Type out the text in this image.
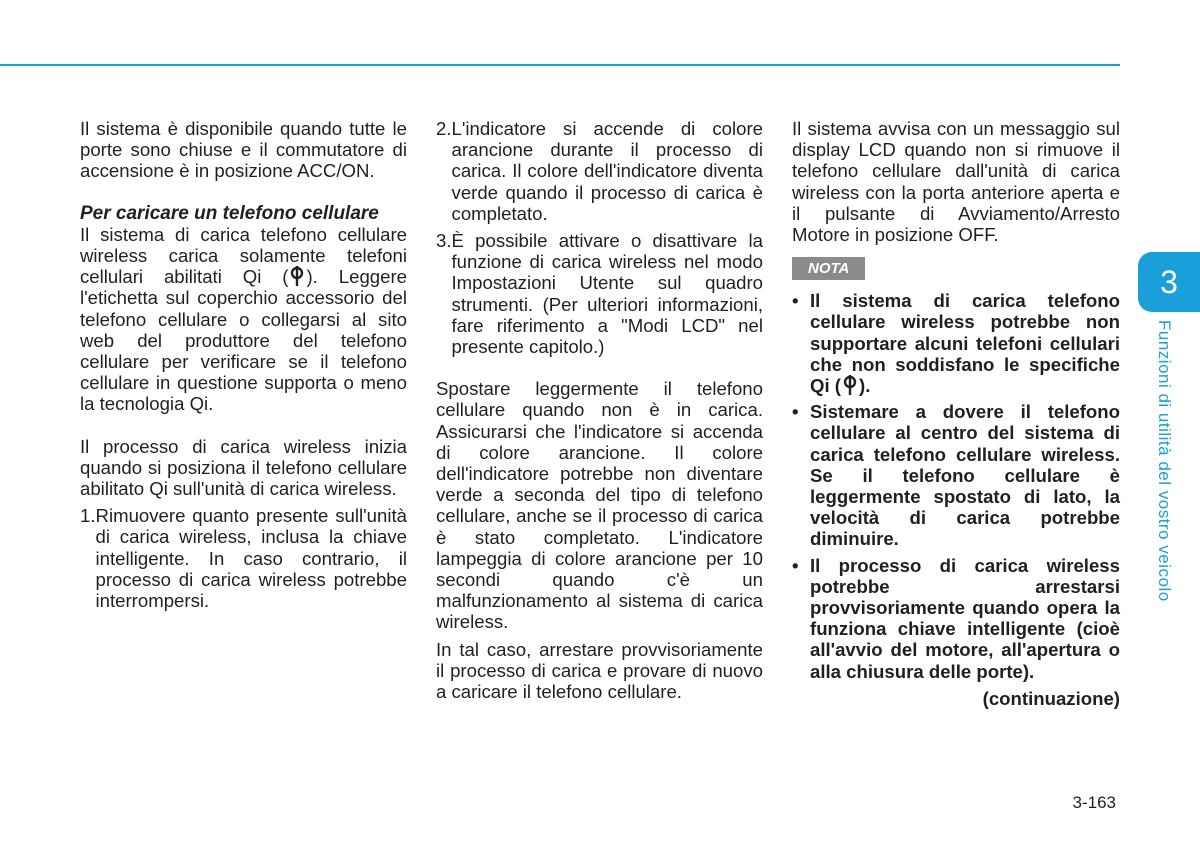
Il sistema è disponibile quando tutte le porte sono chiuse e il commutatore di accensione è in posizione ACC/ON.

Per caricare un telefono cellulare

Il sistema di carica telefono cellulare wireless carica solamente telefoni cellulari abilitati Qi ( ). Leggere l'etichetta sul coperchio accessorio del telefono cellulare o collegarsi al sito web del produttore del telefono cellulare per verificare se il telefono cellulare in questione supporta o meno la tecnologia Qi.

Il processo di carica wireless inizia quando si posiziona il telefono cellulare abilitato Qi sull'unità di carica wireless.

1. Rimuovere quanto presente sull'unità di carica wireless, inclusa la chiave intelligente. In caso contrario, il processo di carica wireless potrebbe interrompersi.
2. L'indicatore si accende di colore arancione durante il processo di carica. Il colore dell'indicatore diventa verde quando il processo di carica è completato.
3. È possibile attivare o disattivare la funzione di carica wireless nel modo Impostazioni Utente sul quadro strumenti. (Per ulteriori informazioni, fare riferimento a "Modi LCD" nel presente capitolo.)

Spostare leggermente il telefono cellulare quando non è in carica. Assicurarsi che l'indicatore si accenda di colore arancione. Il colore dell'indicatore potrebbe non diventare verde a seconda del tipo di telefono cellulare, anche se il processo di carica è stato completato. L'indicatore lampeggia di colore arancione per 10 secondi quando c'è un malfunzionamento al sistema di carica wireless.

In tal caso, arrestare provvisoriamente il processo di carica e provare di nuovo a caricare il telefono cellulare.

Il sistema avvisa con un messaggio sul display LCD quando non si rimuove il telefono cellulare dall'unità di carica wireless con la porta anteriore aperta e il pulsante di Avviamento/Arresto Motore in posizione OFF.

NOTA
• Il sistema di carica telefono cellulare wireless potrebbe non supportare alcuni telefoni cellulari che non soddisfano le specifiche Qi ( ).
• Sistemare a dovere il telefono cellulare al centro del sistema di carica telefono cellulare wireless. Se il telefono cellulare è leggermente spostato di lato, la velocità di carica potrebbe diminuire.
• Il processo di carica wireless potrebbe arrestarsi provvisoriamente quando opera la funziona chiave intelligente (cioè all'avvio del motore, all'apertura o alla chiusura delle porte).
(continuazione)
3
Funzioni di utilità del vostro veicolo
3-163
